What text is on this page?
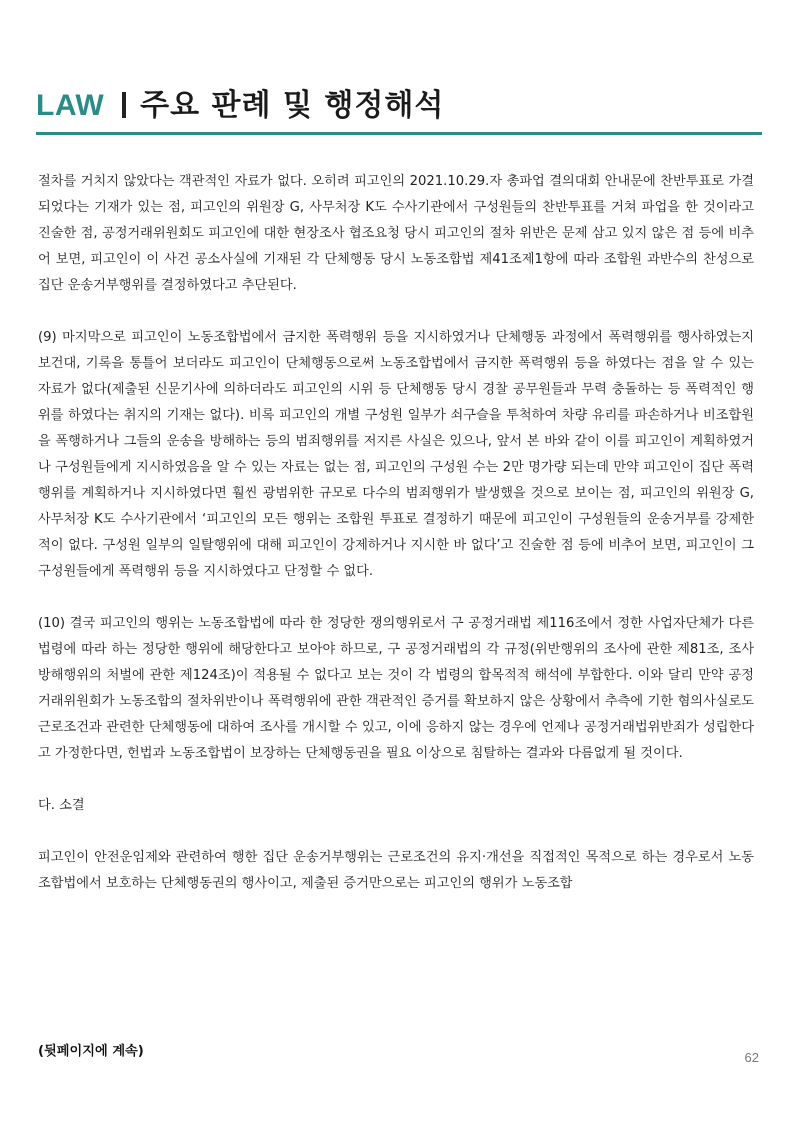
LAW 주요 판례 및 행정해석

절차를 거치지 않았다는 객관적인 자료가 없다. 오히려 피고인의 2021.10.29.자 총파업 결의대회 안내문에 찬반투표로 가결되었다는 기재가 있는 점, 피고인의 위원장 G, 사무처장 K도 수사기관에서 구성원들의 찬반투표를 거쳐 파업을 한 것이라고 진술한 점, 공정거래위원회도 피고인에 대한 현장조사 협조요청 당시 피고인의 절차 위반은 문제 삼고 있지 않은 점 등에 비추어 보면, 피고인이 이 사건 공소사실에 기재된 각 단체행동 당시 노동조합법 제41조제1항에 따라 조합원 과반수의 찬성으로 집단 운송거부행위를 결정하였다고 추단된다.

(9) 마지막으로 피고인이 노동조합법에서 금지한 폭력행위 등을 지시하였거나 단체행동 과정에서 폭력행위를 행사하였는지 보건대, 기록을 통틀어 보더라도 피고인이 단체행동으로써 노동조합법에서 금지한 폭력행위 등을 하였다는 점을 알 수 있는 자료가 없다(제출된 신문기사에 의하더라도 피고인의 시위 등 단체행동 당시 경찰 공무원들과 무력 충돌하는 등 폭력적인 행위를 하였다는 취지의 기재는 없다). 비록 피고인의 개별 구성원 일부가 쇠구슬을 투척하여 차량 유리를 파손하거나 비조합원을 폭행하거나 그들의 운송을 방해하는 등의 범죄행위를 저지른 사실은 있으나, 앞서 본 바와 같이 이를 피고인이 계획하였거나 구성원들에게 지시하였음을 알 수 있는 자료는 없는 점, 피고인의 구성원 수는 2만 명가량 되는데 만약 피고인이 집단 폭력행위를 계획하거나 지시하였다면 훨씬 광범위한 규모로 다수의 범죄행위가 발생했을 것으로 보이는 점, 피고인의 위원장 G, 사무처장 K도 수사기관에서 ‘피고인의 모든 행위는 조합원 투표로 결정하기 때문에 피고인이 구성원들의 운송거부를 강제한 적이 없다. 구성원 일부의 일탈행위에 대해 피고인이 강제하거나 지시한 바 없다’고 진술한 점 등에 비추어 보면, 피고인이 그 구성원들에게 폭력행위 등을 지시하였다고 단정할 수 없다.

(10) 결국 피고인의 행위는 노동조합법에 따라 한 정당한 쟁의행위로서 구 공정거래법 제116조에서 정한 사업자단체가 다른 법령에 따라 하는 정당한 행위에 해당한다고 보아야 하므로, 구 공정거래법의 각 규정(위반행위의 조사에 관한 제81조, 조사방해행위의 처벌에 관한 제124조)이 적용될 수 없다고 보는 것이 각 법령의 합목적적 해석에 부합한다. 이와 달리 만약 공정거래위원회가 노동조합의 절차위반이나 폭력행위에 관한 객관적인 증거를 확보하지 않은 상황에서 추측에 기한 혐의사실로도 근로조건과 관련한 단체행동에 대하여 조사를 개시할 수 있고, 이에 응하지 않는 경우에 언제나 공정거래법위반죄가 성립한다고 가정한다면, 헌법과 노동조합법이 보장하는 단체행동권을 필요 이상으로 침탈하는 결과와 다름없게 될 것이다.

다. 소결

피고인이 안전운임제와 관련하여 행한 집단 운송거부행위는 근로조건의 유지·개선을 직접적인 목적으로 하는 경우로서 노동조합법에서 보호하는 단체행동권의 행사이고, 제출된 증거만으로는 피고인의 행위가 노동조합

(뒷페이지에 계속)	62
